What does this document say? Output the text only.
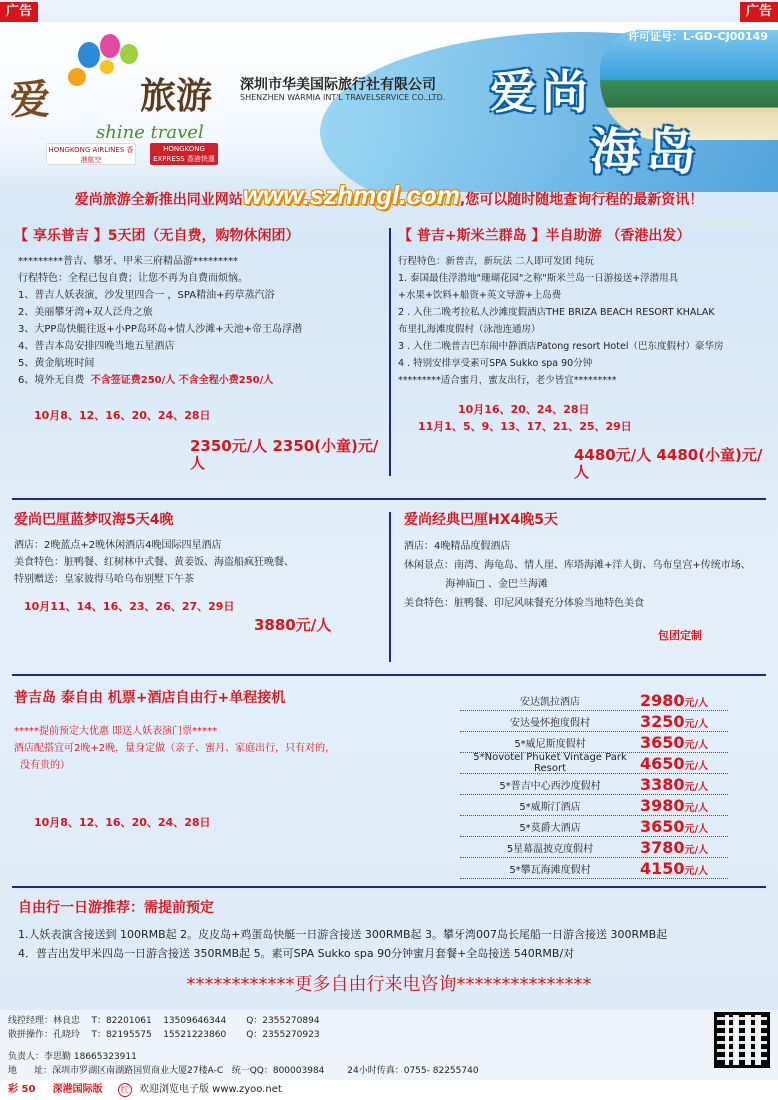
广告	广告
爱 旅游
shine travel
深圳市华美国际旅行社有限公司
SHENZHEN WARMIA INT'L TRAVELSERVICE CO.,LTD.
许可证号：L-GD-CJ00149
爱尚
海岛
HONGKONG AIRLINES 香港航空
HONGKONG EXPRESS 香港快運
爱尚旅游全新推出同业网站www.szhmgl.com,您可以随时随地查询行程的最新资讯！
【 享乐普吉 】5天团（无自费，购物休闲团）
*********普吉、攀牙、甲米三府精品游*********
行程特色：全程已包自费；让您不再为自费而烦恼。
1、普吉人妖表演，沙发里四合一 ，SPA精油+药草蒸汽浴
2、美丽攀牙湾+双人泛舟之旅
3、大PP岛快艇往返+小PP岛环岛+情人沙滩+天池+帝王岛浮潜
4、普吉本岛安排四晚当地五星酒店
5、黄金航班时间
6、境外无自费 不含签证费250/人 不含全程小费250/人
10月8、12、16、20、24、28日
2350元/人 2350(小童)元/人
【 普吉+斯米兰群岛 】半自助游 （香港出发）
行程特色：新普吉，新玩法 二人即可发团 纯玩
1. 泰国最佳浮潜地"珊瑚花园"之称"斯米兰岛一日游接送+浮潜用具
+水果+饮料+船资+英文导游+上岛费
2 . 入住二晚考拉私人沙滩度假酒店THE BRIZA BEACH RESORT KHALAK
布里扎海滩度假村（泳池连通房）
3 . 入住二晚普吉巴东闹中静酒店Patong resort Hotel（巴东度假村）豪华房
4 . 特别安排享受素可SPA Sukko spa 90分钟
*********适合蜜月，蜜友出行，老少皆宜*********
10月16、20、24、28日
11月1、5、9、13、17、21、25、29日
4480元/人 4480(小童)元/人
爱尚巴厘蓝梦叹海5天4晚
酒店：2晚蓝点+2晚休闲酒店4晚国际四星酒店
美食特色：脏鸭餐、红树林中式餐、黄姜饭、海盗船疯狂晚餐、
特别赠送：皇家彼得马哈乌布别墅下午茶
10月11、14、16、23、26、27、29日
3880元/人
爱尚经典巴厘HX4晚5天
酒店：4晚精品度假酒店
休闲景点：南湾、海龟岛、情人崖、库塔海滩+洋人街、乌布皇宫+传统市场、
海神庙□ 、金巴兰海滩
美食特色：脏鸭餐、印尼风味餐充分体验当地特色美食
包团定制
普吉岛 泰自由 机票+酒店自由行+单程接机
*****提前预定大优惠 即送人妖表演门票*****
酒店配搭宜可2晚+2晚，量身定做（亲子、蜜月、家庭出行，只有对的，
没有贵的）
10月8、12、16、20、24、28日
安达凯拉酒店	2980元/人
安达曼怀抱度假村	3250元/人
5*威尼斯度假村	3650元/人
5*Novotel Phuket Vintage Park Resort	4650元/人
5*普吉中心西沙度假村	3380元/人
5*威斯汀酒店	3980元/人
5*莫爵大酒店	3650元/人
5星幕温披克度假村	3780元/人
5*攀瓦海滩度假村	4150元/人
自由行一日游推荐：需提前预定
1.人妖表演含接送到 100RMB起 2。皮皮岛+鸡蛋岛快艇一日游含接送 300RMB起 3。攀牙湾007岛长尾船一日游含接送 300RMB起
4．普吉出发甲米四岛一日游含接送 350RMB起 5。素可SPA Sukko spa 90分钟蜜月套餐+全岛接送 540RMB/对
************更多自由行来电咨询***************
线控经理：林良忠    T：82201061    13509646344       Q：2355270894
散拼操作：孔晓玲    T：82195575    15521223860       Q：2355270923
负责人：李思勤 18665323911
地      址：深圳市罗湖区南湖路国贸商业大厦27楼A-C   统一QQ：800003984        24小时传真：0755- 82255740
彩 50 深港国际版 红 欢迎浏览电子版 www.zyoo.net
